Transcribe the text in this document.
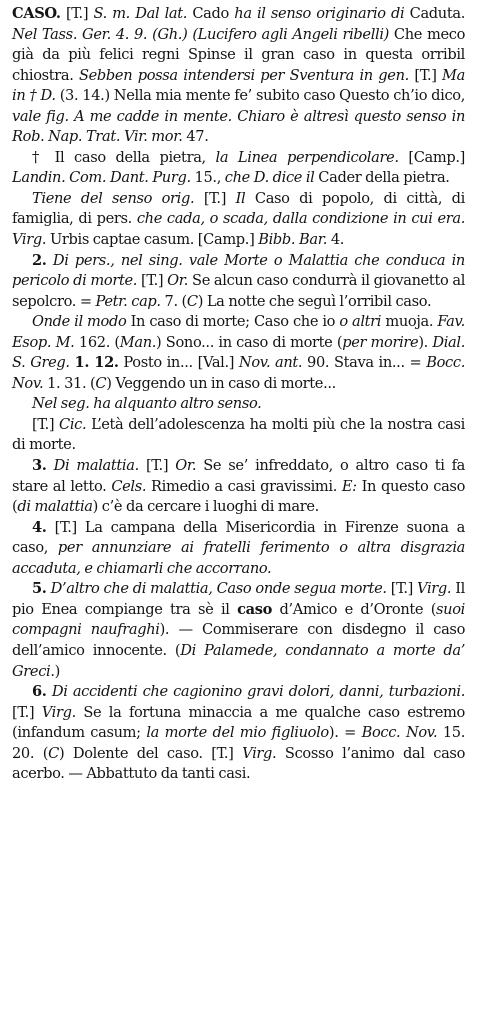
CASO. [T.] S. m. Dal lat. Cado ha il senso originario di Caduta. Nel Tass. Ger. 4. 9. (Gh.) (Lucifero agli Angeli ribelli) Che meco già da più felici regni Spinse il gran caso in questa orribil chiostra. Sebben possa intendersi per Sventura in gen. [T.] Ma in † D. (3. 14.) Nella mia mente fe’ subito caso Questo ch’io dico, vale fig. A me cadde in mente. Chiaro è altresì questo senso in Rob. Nap. Trat. Vir. mor. 47.

† Il caso della pietra, la Linea perpendicolare. [Camp.] Landin. Com. Dant. Purg. 15., che D. dice il Cader della pietra.

Tiene del senso orig. [T.] Il Caso di popolo, di città, di famiglia, di pers. che cada, o scada, dalla condizione in cui era. Virg. Urbis captae casum. [Camp.] Bibb. Bar. 4.

2. Di pers., nel sing. vale Morte o Malattia che conduca in pericolo di morte. [T.] Or. Se alcun caso condurrà il giovanetto al sepolcro. = Petr. cap. 7. (C) La notte che seguì l’orribil caso.

Onde il modo In caso di morte; Caso che io o altri muoja. Fav. Esop. M. 162. (Man.) Sono... in caso di morte (per morire). Dial. S. Greg. 1. 12. Posto in... [Val.] Nov. ant. 90. Stava in... = Bocc. Nov. 1. 31. (C) Veggendo un in caso di morte...

Nel seg. ha alquanto altro senso.

[T.] Cic. L’età dell’adolescenza ha molti più che la nostra casi di morte.

3. Di malattia. [T.] Or. Se se’ infreddato, o altro caso ti fa stare al letto. Cels. Rimedio a casi gravissimi. E: In questo caso (di malattia) c’è da cercare i luoghi di mare.

4. [T.] La campana della Misericordia in Firenze suona a caso, per annunziare ai fratelli ferimento o altra disgrazia accaduta, e chiamarli che accorrano.

5. D’altro che di malattia, Caso onde segua morte. [T.] Virg. Il pio Enea compiange tra sè il caso d’Amico e d’Oronte (suoi compagni naufraghi). — Commiserare con disdegno il caso dell’amico innocente. (Di Palamede, condannato a morte da’ Greci.)

6. Di accidenti che cagionino gravi dolori, danni, turbazioni. [T.] Virg. Se la fortuna minaccia a me qualche caso estremo (infandum casum; la morte del mio figliuolo). = Bocc. Nov. 15. 20. (C) Dolente del caso. [T.] Virg. Scosso l’animo dal caso acerbo. — Abbattuto da tanti casi.
